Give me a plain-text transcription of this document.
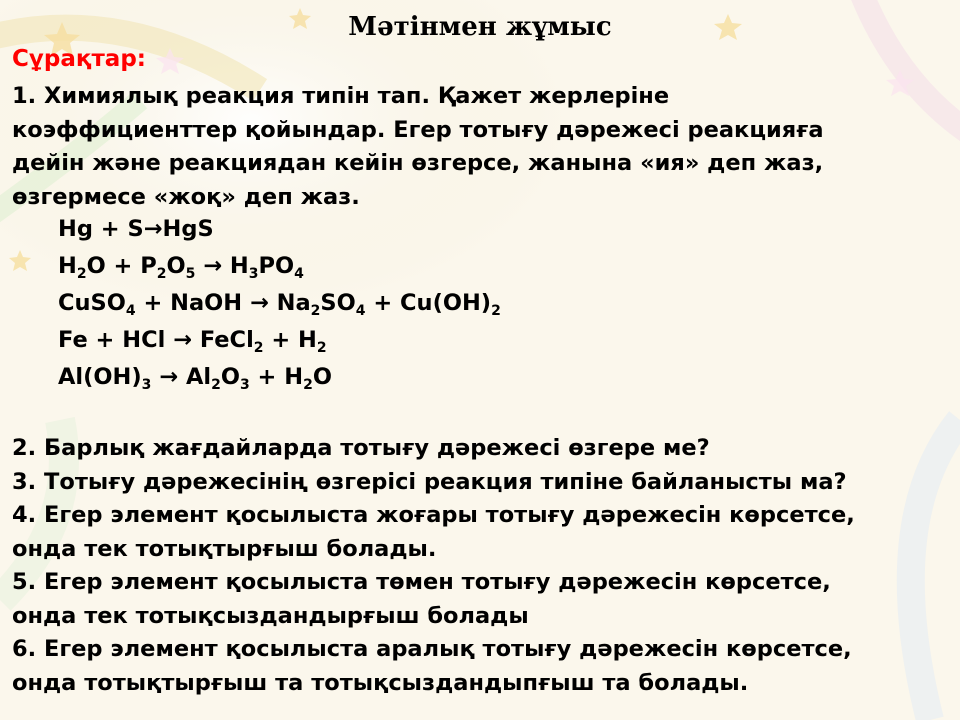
Мәтінмен жұмыс
Сұрақтар:
1. Химиялық реакция типін тап. Қажет жерлеріне
коэффициенттер қойындар. Егер тотығу дәрежесі реакцияға
дейін және реакциядан кейін өзгерсе, жанына «ия» деп жаз,
өзгермесе «жоқ» деп жаз.
Hg + S→HgS
$H_2O + P_2O_5 \to H_3PO_4$
CuSO$_4$ + NaOH → $Na_2SO_4 + Cu(OH)_2$
Fe + HCl → FeCl$_2$ + $H_2$
$Al(OH)_3 \to Al_2O_3 + H_2O$
2. Барлық жағдайларда тотығу дәрежесі өзгере ме?
3. Тотығу дәрежесінің өзгерісі реакция типіне байланысты ма?
4. Егер элемент қосылыста жоғары тотығу дәрежесін көрсетсе,
онда тек тотықтырғыш болады.
5. Егер элемент қосылыста төмен тотығу дәрежесін көрсетсе,
онда тек тотықсыздандырғыш болады
6. Егер элемент қосылыста аралық тотығу дәрежесін көрсетсе,
онда тотықтырғыш та тотықсыздандыпғыш та болады.
